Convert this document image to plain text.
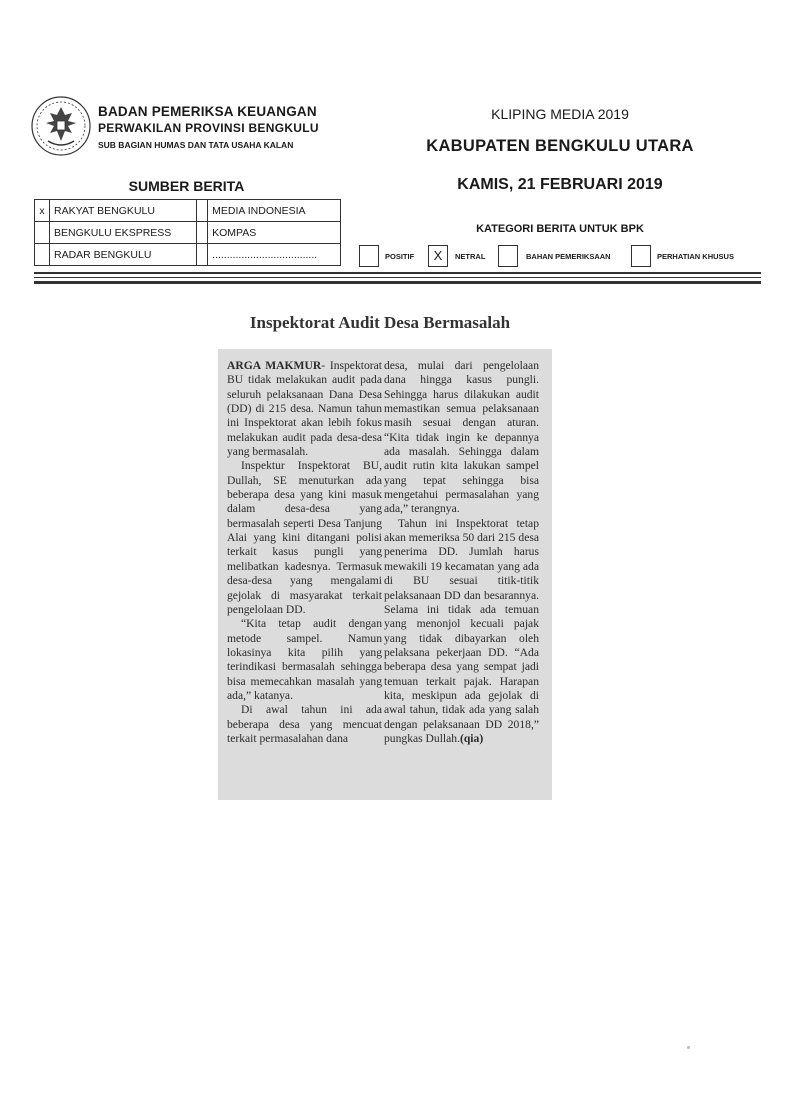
BADAN PEMERIKSA KEUANGAN
PERWAKILAN PROVINSI BENGKULU
SUB BAGIAN HUMAS DAN TATA USAHA KALAN
KLIPING MEDIA 2019
KABUPATEN BENGKULU UTARA
KAMIS, 21 FEBRUARI 2019
SUMBER BERITA
x	RAKYAT BENGKULU		MEDIA INDONESIA
	BENGKULU EKSPRESS		KOMPAS
	RADAR BENGKULU		....................................
KATEGORI BERITA UNTUK BPK
POSITIF	X	NETRAL	BAHAN PEMERIKSAAN	PERHATIAN KHUSUS
Inspektorat Audit Desa Bermasalah

ARGA MAKMUR- Inspektorat BU tidak melakukan audit pada seluruh pelaksanaan Dana Desa (DD) di 215 desa. Namun tahun ini Inspektorat akan lebih fokus melakukan audit pada desa-desa yang bermasalah.

Inspektur Inspektorat BU, Dullah, SE menuturkan ada beberapa desa yang kini masuk dalam desa-desa yang bermasalah seperti Desa Tanjung Alai yang kini ditangani polisi terkait kasus pungli yang melibatkan kadesnya. Termasuk desa-desa yang mengalami gejolak di masyarakat terkait pengelolaan DD.

“Kita tetap audit dengan metode sampel. Namun lokasinya kita pilih yang terindikasi bermasalah sehingga bisa memecahkan masalah yang ada,” katanya.

Di awal tahun ini ada beberapa desa yang mencuat terkait permasalahan dana

desa, mulai dari pengelolaan dana hingga kasus pungli. Sehingga harus dilakukan audit memastikan semua pelaksanaan masih sesuai dengan aturan. “Kita tidak ingin ke depannya ada masalah. Sehingga dalam audit rutin kita lakukan sampel yang tepat sehingga bisa mengetahui permasalahan yang ada,” terangnya.

Tahun ini Inspektorat tetap akan memeriksa 50 dari 215 desa penerima DD. Jumlah harus mewakili 19 kecamatan yang ada di BU sesuai titik-titik pelaksanaan DD dan besarannya. Selama ini tidak ada temuan yang menonjol kecuali pajak yang tidak dibayarkan oleh pelaksana pekerjaan DD. “Ada beberapa desa yang sempat jadi temuan terkait pajak. Harapan kita, meskipun ada gejolak di awal tahun, tidak ada yang salah dengan pelaksanaan DD 2018,” pungkas Dullah.(qia)
